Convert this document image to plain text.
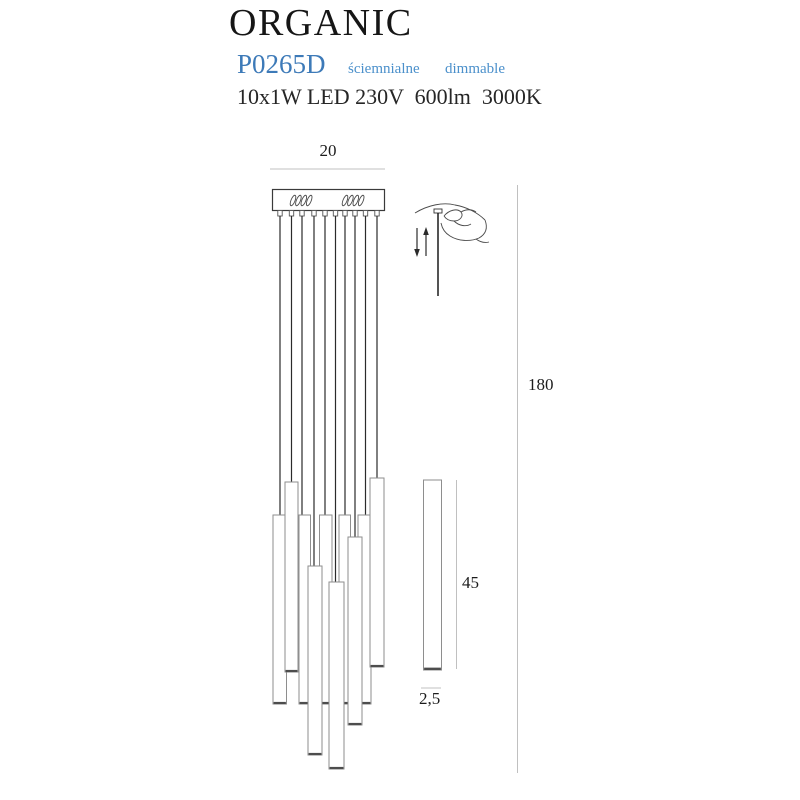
ORGANIC
P0265D ściemnialne dimmable
10x1W LED 230V  600lm  3000K
20
180
45
2,5
